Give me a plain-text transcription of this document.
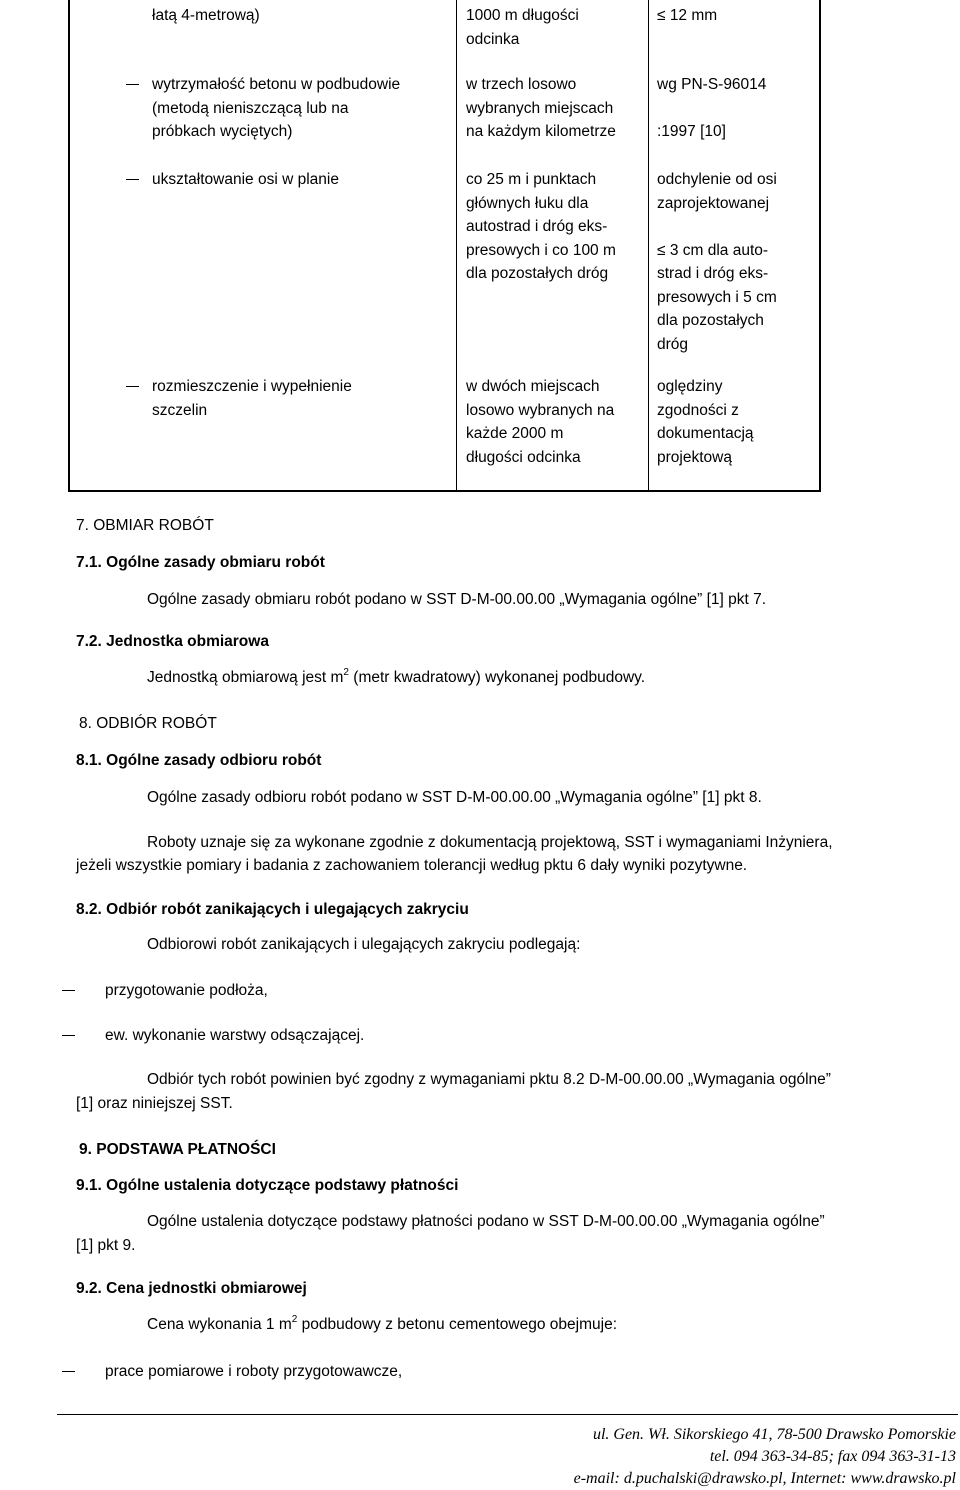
łatą 4-metrową)	1000 m długości
odcinka
≤ 12 mm
wytrzymałość betonu w podbudowie
(metodą nieniszczącą lub na
próbkach wyciętych)
w trzech losowo
wybranych miejscach
na każdym kilometrze
wg PN-S-96014
:1997 [10]
ukształtowanie osi w planie	co 25 m i punktach
głównych łuku dla
autostrad i dróg eks-
presowych i co 100 m
dla pozostałych dróg
odchylenie od osi
zaprojektowanej
≤ 3 cm dla auto-
strad i dróg eks-
presowych i 5 cm
dla pozostałych
dróg
rozmieszczenie i wypełnienie
szczelin
w dwóch miejscach
losowo wybranych na
każde 2000 m
długości odcinka
oględziny
zgodności z
dokumentacją
projektową
7. OBMIAR ROBÓT
7.1. Ogólne zasady obmiaru robót
Ogólne zasady obmiaru robót podano w SST D-M-00.00.00 „Wymagania ogólne” [1] pkt 7.
7.2. Jednostka obmiarowa
Jednostką obmiarową jest $m^2$ (metr kwadratowy) wykonanej podbudowy.
8. ODBIÓR ROBÓT
8.1. Ogólne zasady odbioru robót
Ogólne zasady odbioru robót podano w SST D-M-00.00.00 „Wymagania ogólne” [1] pkt 8.
Roboty uznaje się za wykonane zgodnie z dokumentacją projektową, SST i wymaganiami Inżyniera,
jeżeli wszystkie pomiary i badania z zachowaniem tolerancji według pktu 6 dały wyniki pozytywne.
8.2. Odbiór robót zanikających i ulegających zakryciu
Odbiorowi robót zanikających i ulegających zakryciu podlegają:
przygotowanie podłoża,
ew. wykonanie warstwy odsączającej.
Odbiór tych robót powinien być zgodny z wymaganiami pktu 8.2 D-M-00.00.00 „Wymagania ogólne”
[1] oraz niniejszej SST.
9. PODSTAWA PŁATNOŚCI
9.1. Ogólne ustalenia dotyczące podstawy płatności
Ogólne ustalenia dotyczące podstawy płatności podano w SST D-M-00.00.00 „Wymagania ogólne”
[1] pkt 9.
9.2. Cena jednostki obmiarowej
Cena wykonania 1 $m^2$ podbudowy z betonu cementowego obejmuje:
prace pomiarowe i roboty przygotowawcze,
ul. Gen. Wł. Sikorskiego 41, 78-500 Drawsko Pomorskie
tel. 094 363-34-85; fax 094 363-31-13
e-mail: d.puchalski@drawsko.pl, Internet: www.drawsko.pl
